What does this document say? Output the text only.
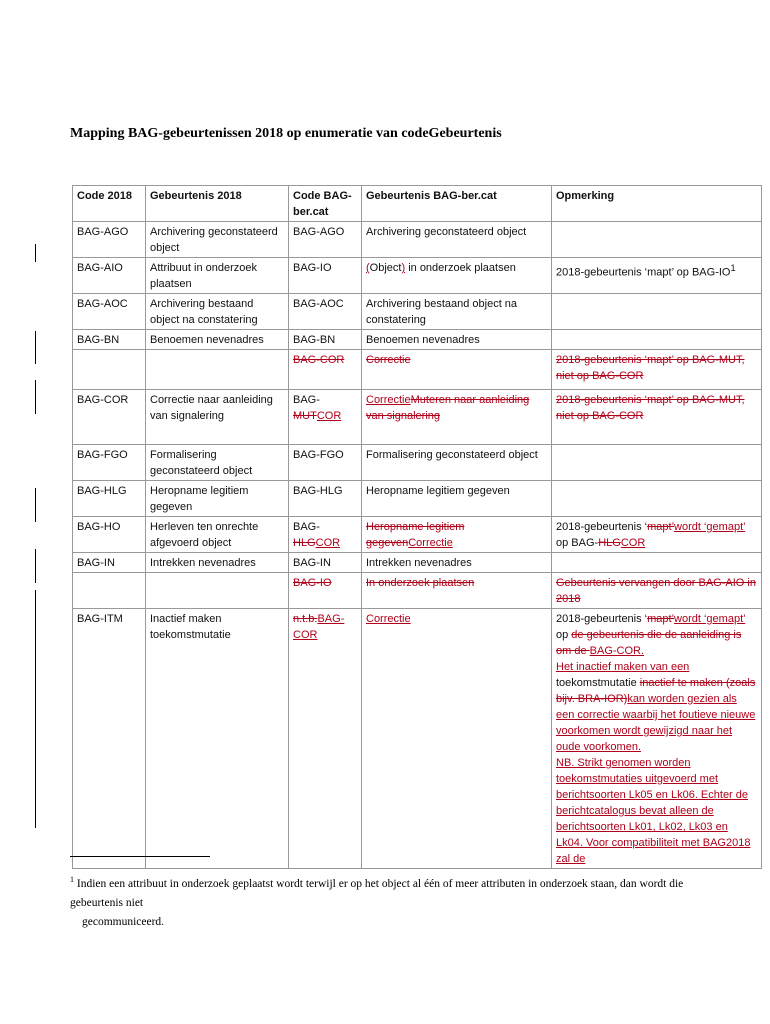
Mapping BAG-gebeurtenissen 2018 op enumeratie van codeGebeurtenis
Code 2018	Gebeurtenis 2018	Code BAG-ber.cat	Gebeurtenis BAG-ber.cat	Opmerking
BAG-AGO	Archivering geconstateerd object	BAG-AGO	Archivering geconstateerd object	
BAG-AIO	Attribuut in onderzoek plaatsen	BAG-IO	(Object) in onderzoek plaatsen	2018-gebeurtenis ‘mapt’ op BAG-$IO^1$
BAG-AOC	Archivering bestaand object na constatering	BAG-AOC	Archivering bestaand object na constatering	
BAG-BN	Benoemen nevenadres	BAG-BN	Benoemen nevenadres	
		BAG-COR	Correctie	2018-gebeurtenis ‘mapt’ op BAG-MUT, niet op BAG-COR
BAG-COR	Correctie naar aanleiding van signalering	BAG-MUTCOR	CorrectieMuteren naar aanleiding van signalering	2018-gebeurtenis ‘mapt’ op BAG-MUT, niet op BAG-COR
BAG-FGO	Formalisering geconstateerd object	BAG-FGO	Formalisering geconstateerd object	
BAG-HLG	Heropname legitiem gegeven	BAG-HLG	Heropname legitiem gegeven	
BAG-HO	Herleven ten onrechte afgevoerd object	BAG-HLGCOR	Heropname legitiem gegevenCorrectie	2018-gebeurtenis ‘mapt’wordt ‘gemapt’ op BAG-HLGCOR
BAG-IN	Intrekken nevenadres	BAG-IN	Intrekken nevenadres	
		BAG-IO	In onderzoek plaatsen	Gebeurtenis vervangen door BAG-AIO in 2018
BAG-ITM	Inactief maken toekomstmutatie	n.t.b.BAG-COR	Correctie	2018-gebeurtenis ‘mapt’wordt ‘gemapt’ op de gebeurtenis die de aanleiding is om de BAG-COR.
Het inactief maken van een toekomstmutatie inactief te maken (zoals bijv. BRA-IOR)kan worden gezien als een correctie waarbij het foutieve nieuwe voorkomen wordt gewijzigd naar het oude voorkomen.
NB. Strikt genomen worden toekomstmutaties uitgevoerd met berichtsoorten Lk05 en Lk06. Echter de berichtcatalogus bevat alleen de berichtsoorten Lk01, Lk02, Lk03 en Lk04. Voor compatibiliteit met BAG2018 zal de
$^1$ Indien een attribuut in onderzoek geplaatst wordt terwijl er op het object al één of meer attributen in onderzoek staan, dan wordt die gebeurtenis niet
gecommuniceerd.
